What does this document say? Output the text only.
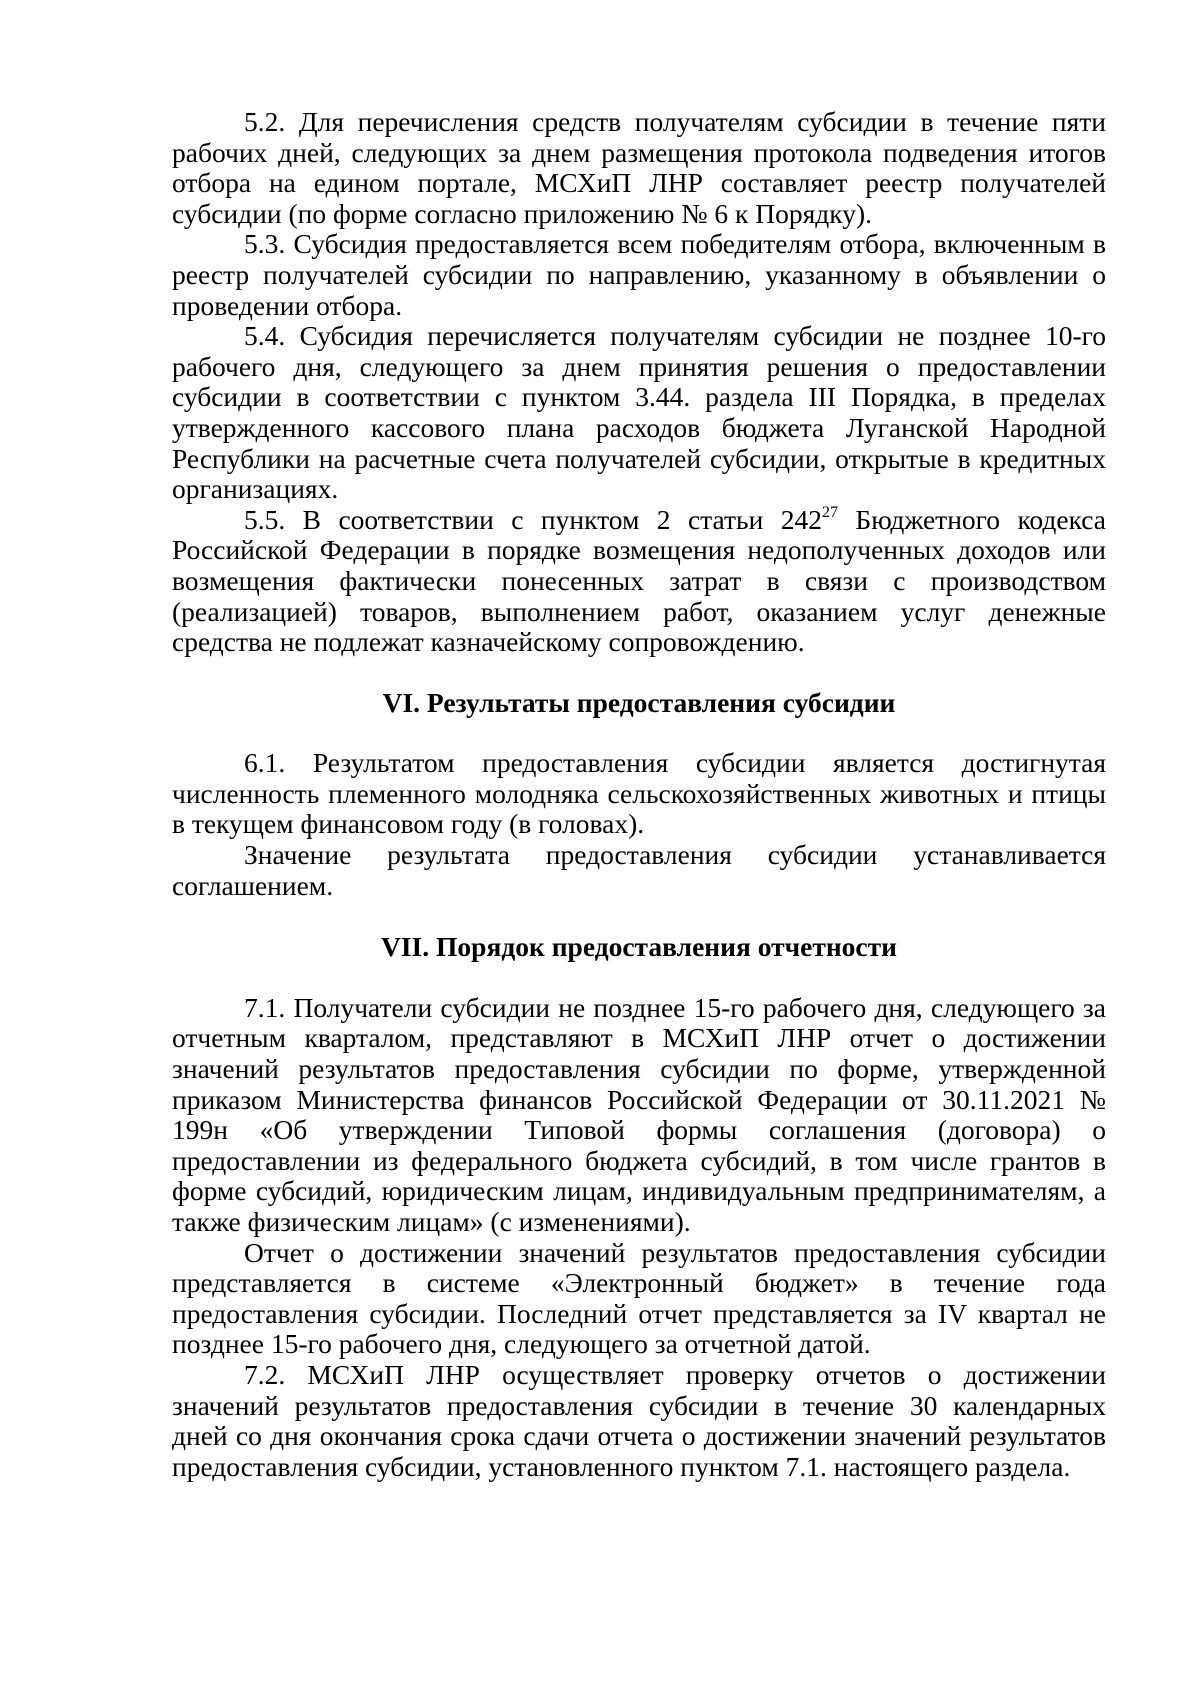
5.2. Для перечисления средств получателям субсидии в течение пяти рабочих дней, следующих за днем размещения протокола подведения итогов отбора на едином портале, МСХиП ЛНР составляет реестр получателей субсидии (по форме согласно приложению № 6 к Порядку).

5.3. Субсидия предоставляется всем победителям отбора, включенным в реестр получателей субсидии по направлению, указанному в объявлении о проведении отбора.

5.4. Субсидия перечисляется получателям субсидии не позднее 10-го рабочего дня, следующего за днем принятия решения о предоставлении субсидии в соответствии с пунктом 3.44. раздела III Порядка, в пределах утвержденного кассового плана расходов бюджета Луганской Народной Республики на расчетные счета получателей субсидии, открытые в кредитных организациях.

5.5. В соответствии с пунктом 2 статьи $242^{27}$ Бюджетного кодекса Российской Федерации в порядке возмещения недополученных доходов или возмещения фактически понесенных затрат в связи с производством (реализацией) товаров, выполнением работ, оказанием услуг денежные средства не подлежат казначейскому сопровождению.

VI. Результаты предоставления субсидии

6.1. Результатом предоставления субсидии является достигнутая численность племенного молодняка сельскохозяйственных животных и птицы в текущем финансовом году (в головах).

Значение результата предоставления субсидии устанавливается соглашением.

VII. Порядок предоставления отчетности

7.1. Получатели субсидии не позднее 15-го рабочего дня, следующего за отчетным кварталом, представляют в МСХиП ЛНР отчет о достижении значений результатов предоставления субсидии по форме, утвержденной приказом Министерства финансов Российской Федерации от 30.11.2021 № 199н «Об утверждении Типовой формы соглашения (договора) о предоставлении из федерального бюджета субсидий, в том числе грантов в форме субсидий, юридическим лицам, индивидуальным предпринимателям, а также физическим лицам» (с изменениями).

Отчет о достижении значений результатов предоставления субсидии представляется в системе «Электронный бюджет» в течение года предоставления субсидии. Последний отчет представляется за IV квартал не позднее 15-го рабочего дня, следующего за отчетной датой.

7.2. МСХиП ЛНР осуществляет проверку отчетов о достижении значений результатов предоставления субсидии в течение 30 календарных дней со дня окончания срока сдачи отчета о достижении значений результатов предоставления субсидии, установленного пунктом 7.1. настоящего раздела.
